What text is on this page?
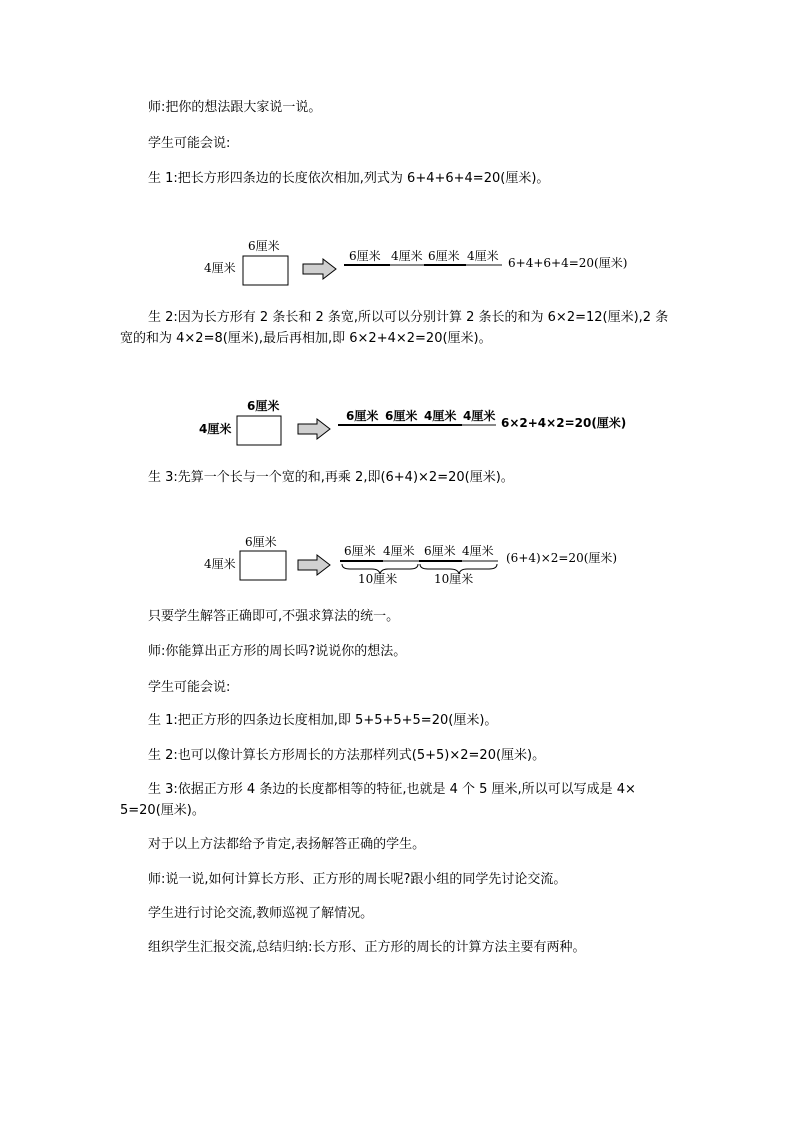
师:把你的想法跟大家说一说。

学生可能会说:

生 1:把长方形四条边的长度依次相加,列式为 6+4+6+4=20(厘米)。

6厘米
4厘米
6厘米 4厘米 6厘米 4厘米 6+4+6+4=20(厘米)

生 2:因为长方形有 2 条长和 2 条宽,所以可以分别计算 2 条长的和为 6×2=12(厘米),2 条

宽的和为 4×2=8(厘米),最后再相加,即 6×2+4×2=20(厘米)。

6厘米
4厘米
6厘米 6厘米 4厘米 4厘米 6×2+4×2=20(厘米)

生 3:先算一个长与一个宽的和,再乘 2,即(6+4)×2=20(厘米)。

6厘米
4厘米
6厘米 4厘米 6厘米 4厘米
10厘米	10厘米
(6+4)×2=20(厘米)

只要学生解答正确即可,不强求算法的统一。

师:你能算出正方形的周长吗?说说你的想法。

学生可能会说:

生 1:把正方形的四条边长度相加,即 5+5+5+5=20(厘米)。

生 2:也可以像计算长方形周长的方法那样列式(5+5)×2=20(厘米)。

生 3:依据正方形 4 条边的长度都相等的特征,也就是 4 个 5 厘米,所以可以写成是 4×

5=20(厘米)。

对于以上方法都给予肯定,表扬解答正确的学生。

师:说一说,如何计算长方形、正方形的周长呢?跟小组的同学先讨论交流。

学生进行讨论交流,教师巡视了解情况。

组织学生汇报交流,总结归纳:长方形、正方形的周长的计算方法主要有两种。
